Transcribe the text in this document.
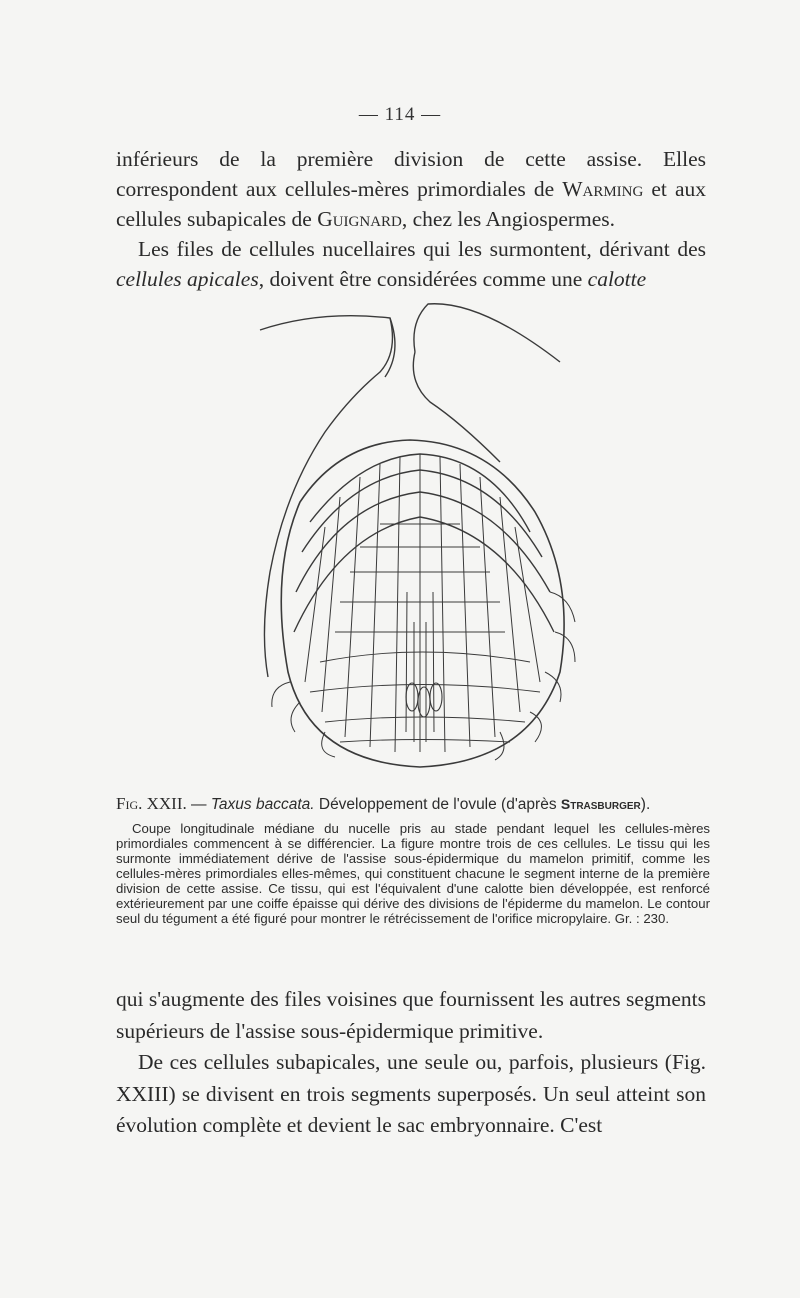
— 114 —

inférieurs de la première division de cette assise. Elles correspondent aux cellules-mères primordiales de Warming et aux cellules subapicales de Guignard, chez les Angiospermes.

Les files de cellules nucellaires qui les surmontent, dérivant des cellules apicales, doivent être considérées comme une calotte

Fig. XXII. — Taxus baccata. Développement de l'ovule (d'après Strasburger).

Coupe longitudinale médiane du nucelle pris au stade pendant lequel les cellules-mères primordiales commencent à se différencier. La figure montre trois de ces cellules. Le tissu qui les surmonte immédiatement dérive de l'assise sous-épidermique du mamelon primitif, comme les cellules-mères primordiales elles-mêmes, qui constituent chacune le segment interne de la première division de cette assise. Ce tissu, qui est l'équivalent d'une calotte bien développée, est renforcé extérieurement par une coiffe épaisse qui dérive des divisions de l'épiderme du mamelon. Le contour seul du tégument a été figuré pour montrer le rétrécissement de l'orifice micropylaire. Gr. : 230.

qui s'augmente des files voisines que fournissent les autres segments supérieurs de l'assise sous-épidermique primitive.

De ces cellules subapicales, une seule ou, parfois, plusieurs (Fig. XXIII) se divisent en trois segments superposés. Un seul atteint son évolution complète et devient le sac embryonnaire. C'est
